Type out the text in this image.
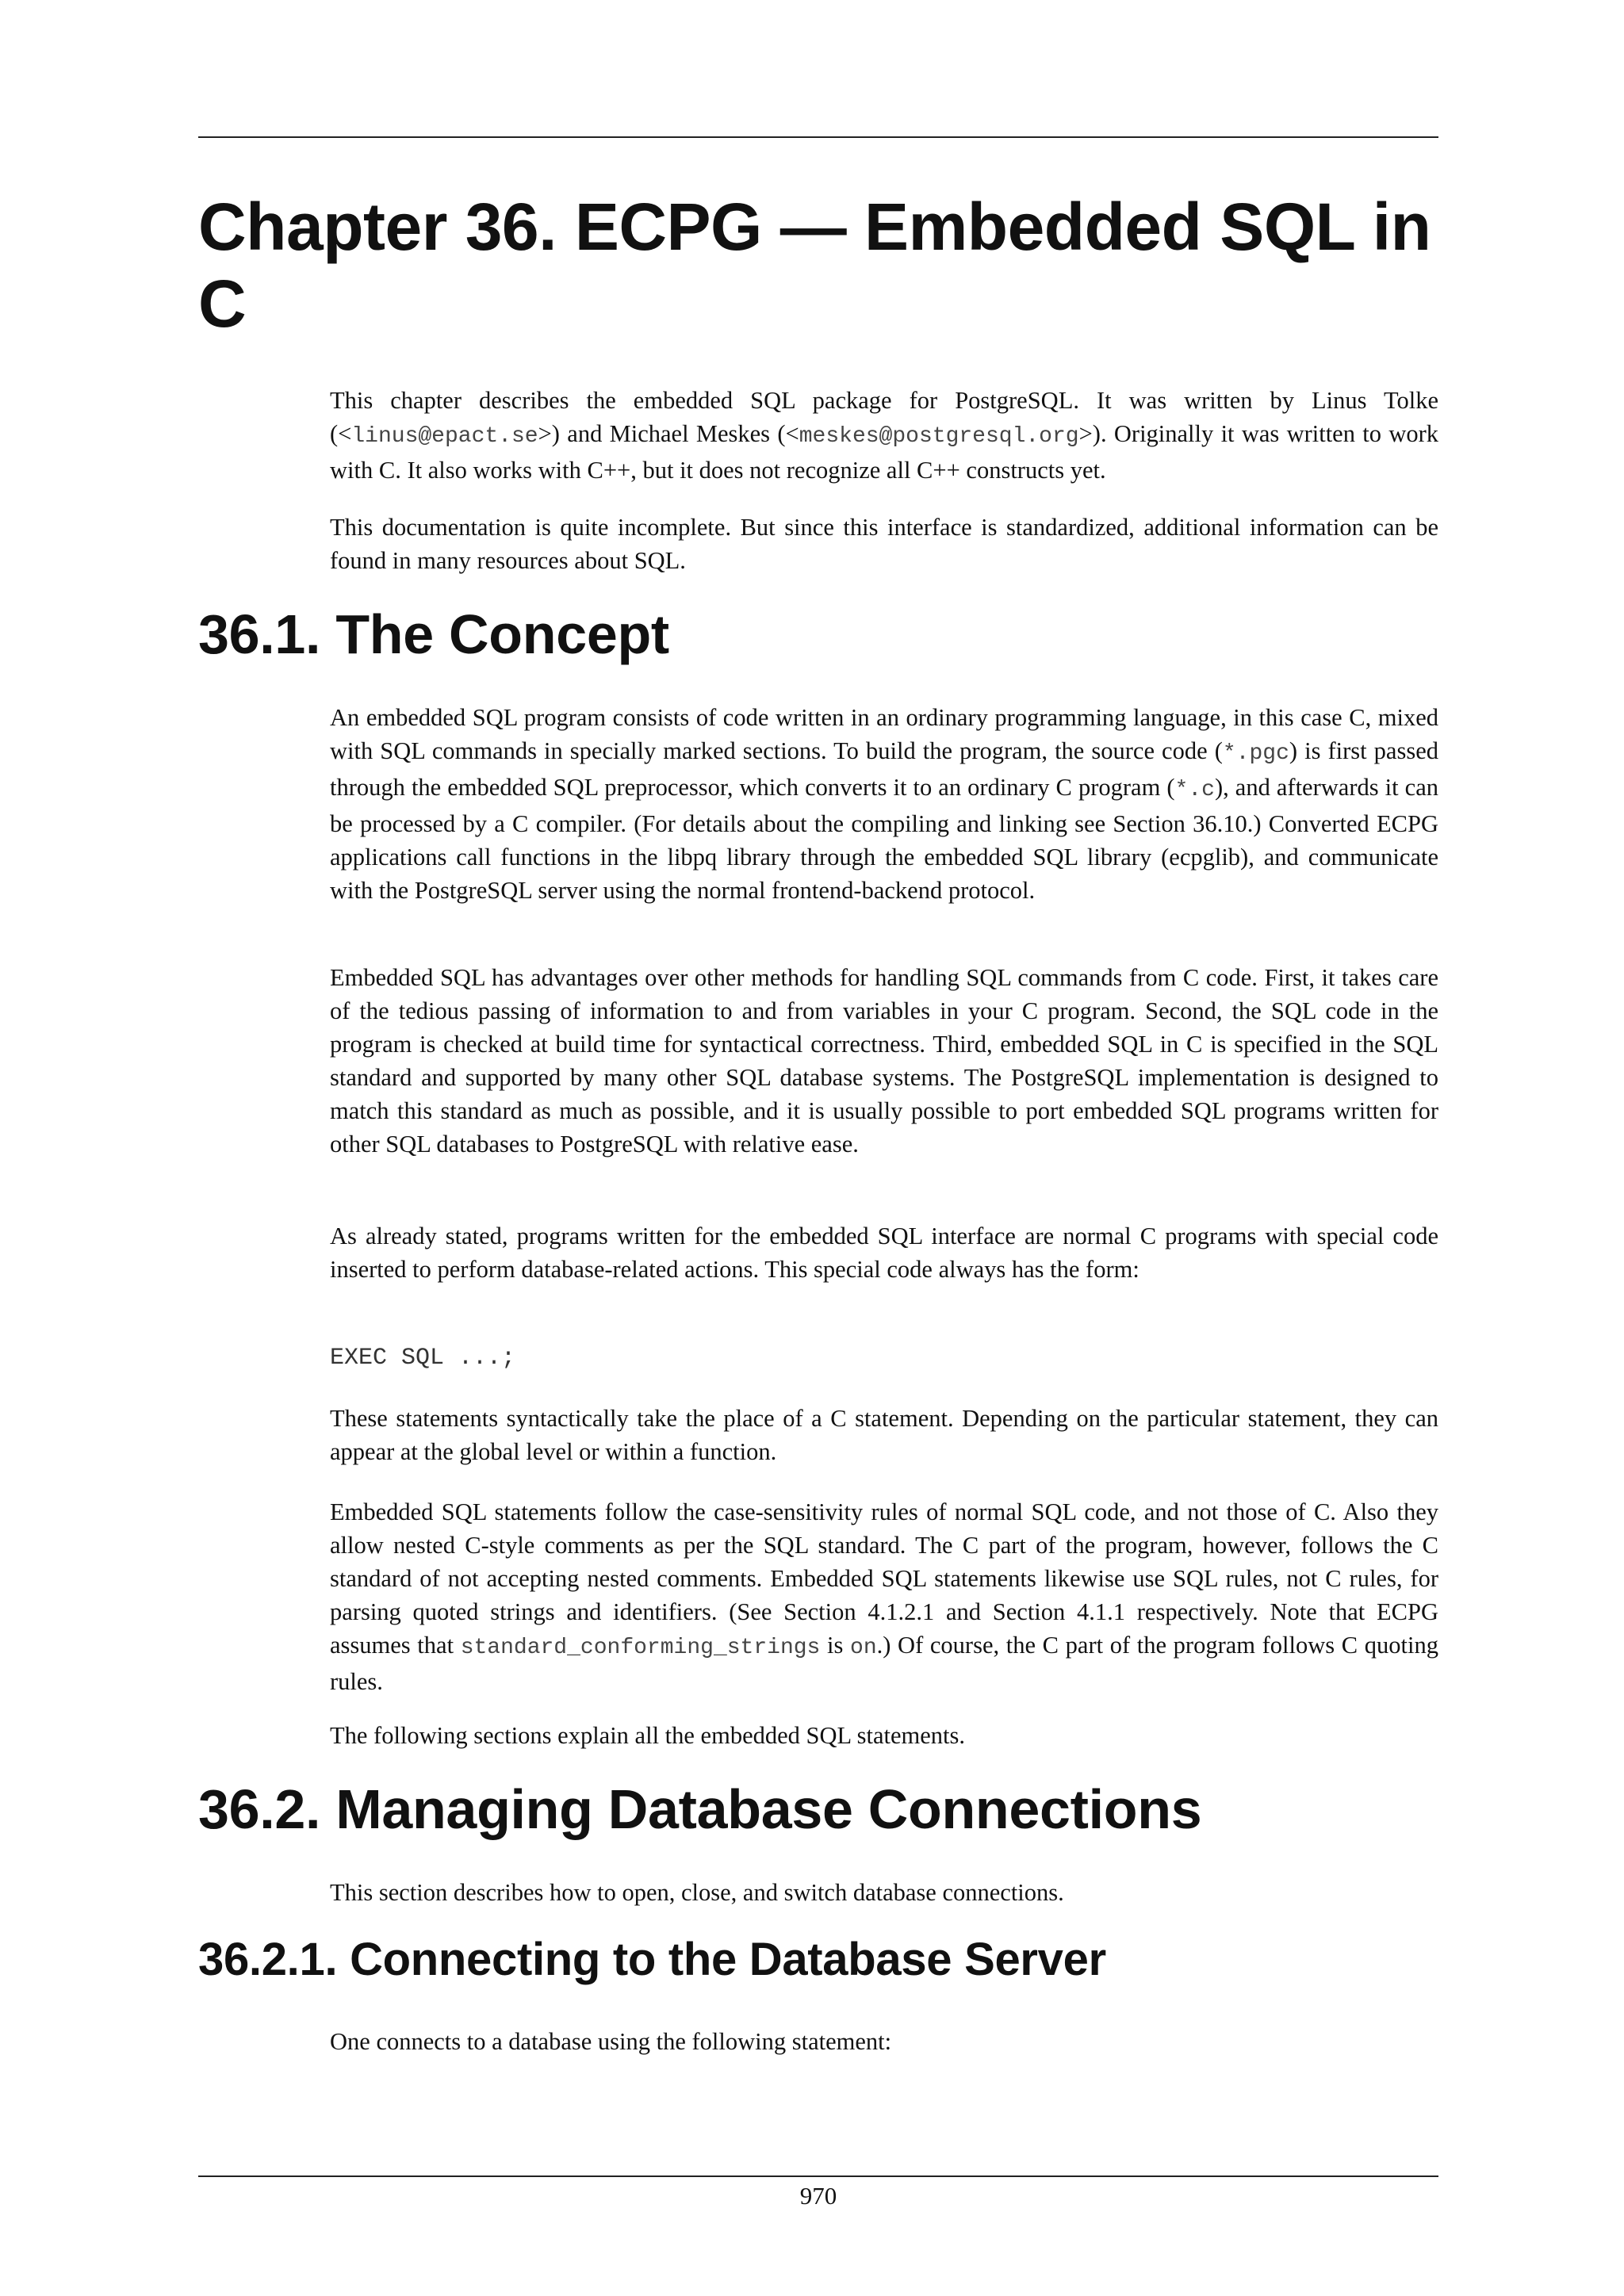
Chapter 36. ECPG — Embedded SQL in C

This chapter describes the embedded SQL package for PostgreSQL. It was written by Linus Tolke (<linus@epact.se>) and Michael Meskes (<meskes@postgresql.org>). Originally it was written to work with C. It also works with C++, but it does not recognize all C++ constructs yet.

This documentation is quite incomplete. But since this interface is standardized, additional information can be found in many resources about SQL.

36.1. The Concept

An embedded SQL program consists of code written in an ordinary programming language, in this case C, mixed with SQL commands in specially marked sections. To build the program, the source code (*.pgc) is first passed through the embedded SQL preprocessor, which converts it to an ordinary C program (*.c), and afterwards it can be processed by a C compiler. (For details about the compiling and linking see Section 36.10.) Converted ECPG applications call functions in the libpq library through the embedded SQL library (ecpglib), and communicate with the PostgreSQL server using the normal frontend-backend protocol.

Embedded SQL has advantages over other methods for handling SQL commands from C code. First, it takes care of the tedious passing of information to and from variables in your C program. Second, the SQL code in the program is checked at build time for syntactical correctness. Third, embedded SQL in C is specified in the SQL standard and supported by many other SQL database systems. The PostgreSQL implementation is designed to match this standard as much as possible, and it is usually possible to port embedded SQL programs written for other SQL databases to PostgreSQL with relative ease.

As already stated, programs written for the embedded SQL interface are normal C programs with special code inserted to perform database-related actions. This special code always has the form:

EXEC SQL ...;

These statements syntactically take the place of a C statement. Depending on the particular statement, they can appear at the global level or within a function.

Embedded SQL statements follow the case-sensitivity rules of normal SQL code, and not those of C. Also they allow nested C-style comments as per the SQL standard. The C part of the program, however, follows the C standard of not accepting nested comments. Embedded SQL statements likewise use SQL rules, not C rules, for parsing quoted strings and identifiers. (See Section 4.1.2.1 and Section 4.1.1 respectively. Note that ECPG assumes that standard_conforming_strings is on.) Of course, the C part of the program follows C quoting rules.

The following sections explain all the embedded SQL statements.

36.2. Managing Database Connections

This section describes how to open, close, and switch database connections.

36.2.1. Connecting to the Database Server

One connects to a database using the following statement:

970
